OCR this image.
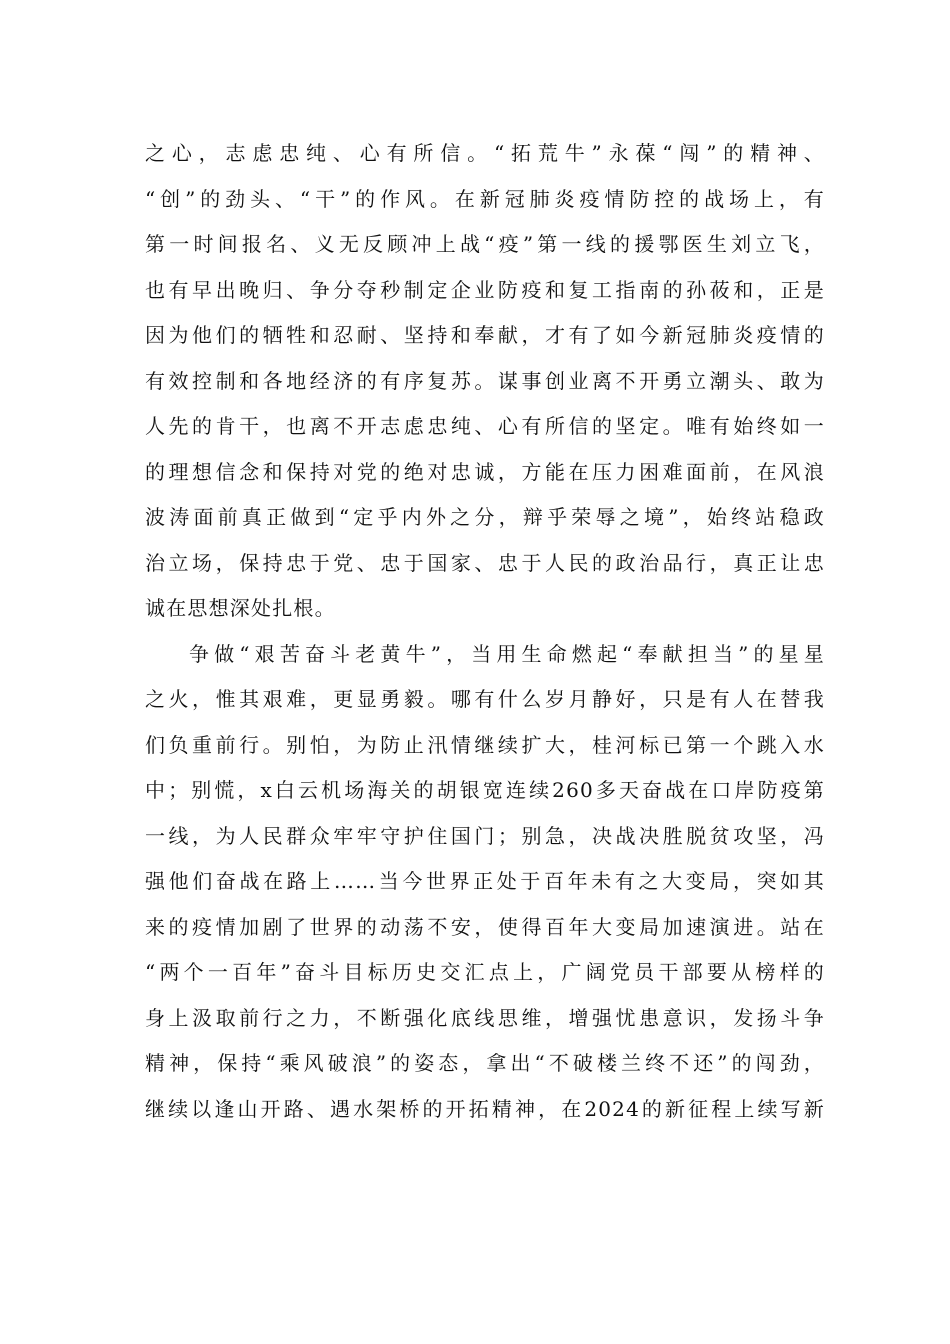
之心，志虑忠纯、心有所信。“拓荒牛”永葆“闯”的精神、
“创”的劲头、“干”的作风。在新冠肺炎疫情防控的战场上，有
第一时间报名、义无反顾冲上战“疫”第一线的援鄂医生刘立飞，
也有早出晚归、争分夺秒制定企业防疫和复工指南的孙莜和，正是
因为他们的牺牲和忍耐、坚持和奉献，才有了如今新冠肺炎疫情的
有效控制和各地经济的有序复苏。谋事创业离不开勇立潮头、敢为
人先的肯干，也离不开志虑忠纯、心有所信的坚定。唯有始终如一
的理想信念和保持对党的绝对忠诚，方能在压力困难面前，在风浪
波涛面前真正做到“定乎内外之分，辩乎荣辱之境”，始终站稳政
治立场，保持忠于党、忠于国家、忠于人民的政治品行，真正让忠
诚在思想深处扎根。
争做“艰苦奋斗老黄牛”，当用生命燃起“奉献担当”的星星
之火，惟其艰难，更显勇毅。哪有什么岁月静好，只是有人在替我
们负重前行。别怕，为防止汛情继续扩大，桂河标已第一个跳入水
中；别慌，x白云机场海关的胡银宽连续260多天奋战在口岸防疫第
一线，为人民群众牢牢守护住国门；别急，决战决胜脱贫攻坚，冯
强他们奋战在路上……当今世界正处于百年未有之大变局，突如其
来的疫情加剧了世界的动荡不安，使得百年大变局加速演进。站在
“两个一百年”奋斗目标历史交汇点上，广阔党员干部要从榜样的
身上汲取前行之力，不断强化底线思维，增强忧患意识，发扬斗争
精神，保持“乘风破浪”的姿态，拿出“不破楼兰终不还”的闯劲，
继续以逢山开路、遇水架桥的开拓精神，在2024的新征程上续写新
